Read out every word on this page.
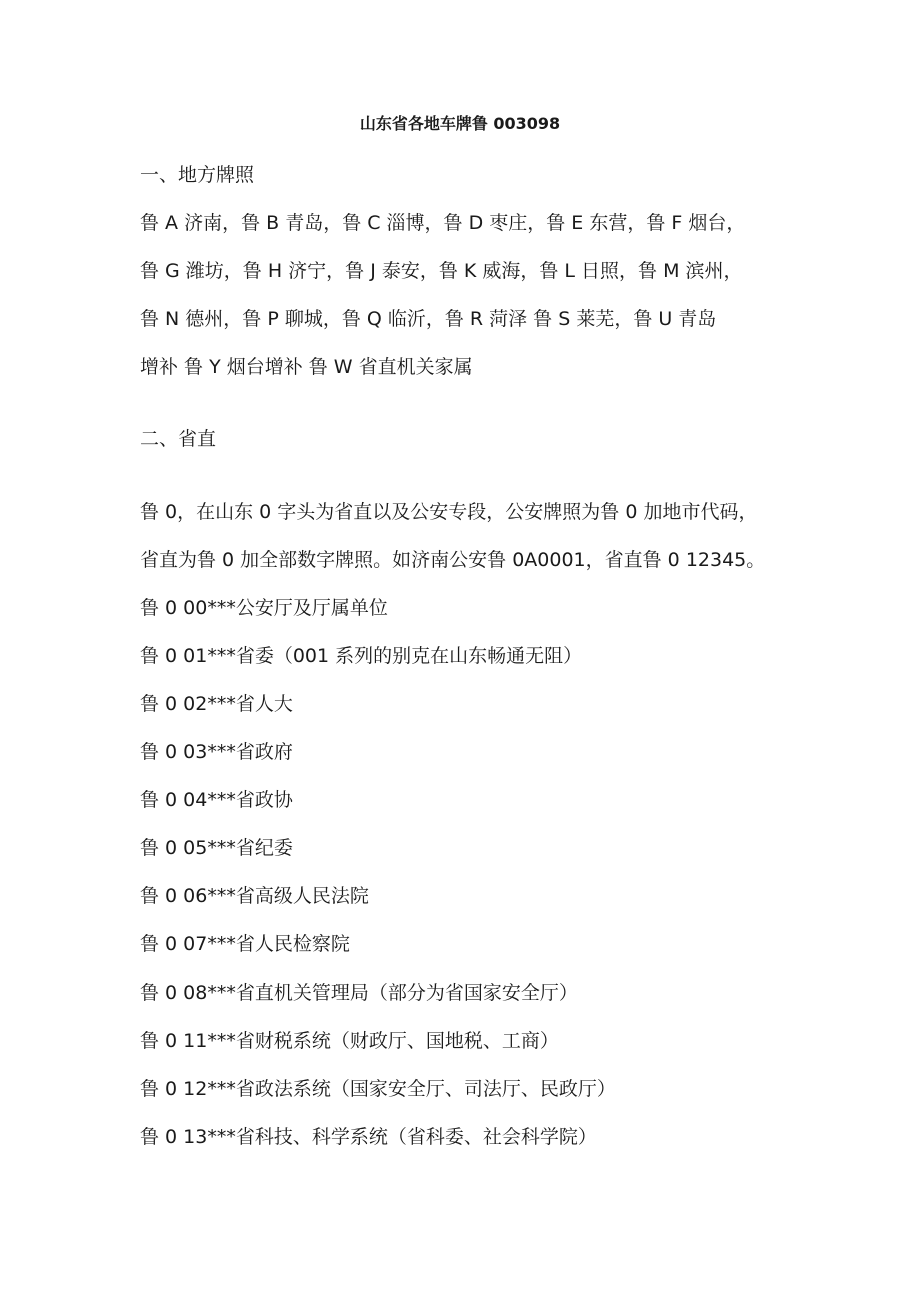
山东省各地车牌鲁 003098
一、地方牌照
鲁 A 济南，鲁 B 青岛，鲁 C 淄博，鲁 D 枣庄，鲁 E 东营，鲁 F 烟台，
鲁 G 潍坊，鲁 H 济宁，鲁 J 泰安，鲁 K 威海，鲁 L 日照，鲁 M 滨州，
鲁 N 德州，鲁 P 聊城，鲁 Q 临沂，鲁 R 菏泽 鲁 S 莱芜，鲁 U 青岛
增补 鲁 Y 烟台增补 鲁 W 省直机关家属
二、省直
鲁 0，在山东 0 字头为省直以及公安专段，公安牌照为鲁 0 加地市代码，
省直为鲁 0 加全部数字牌照。如济南公安鲁 0A0001，省直鲁 0 12345。
鲁 0 00***公安厅及厅属单位
鲁 0 01***省委（001 系列的别克在山东畅通无阻）
鲁 0 02***省人大
鲁 0 03***省政府
鲁 0 04***省政协
鲁 0 05***省纪委
鲁 0 06***省高级人民法院
鲁 0 07***省人民检察院
鲁 0 08***省直机关管理局（部分为省国家安全厅）
鲁 0 11***省财税系统（财政厅、国地税、工商）
鲁 0 12***省政法系统（国家安全厅、司法厅、民政厅）
鲁 0 13***省科技、科学系统（省科委、社会科学院）
